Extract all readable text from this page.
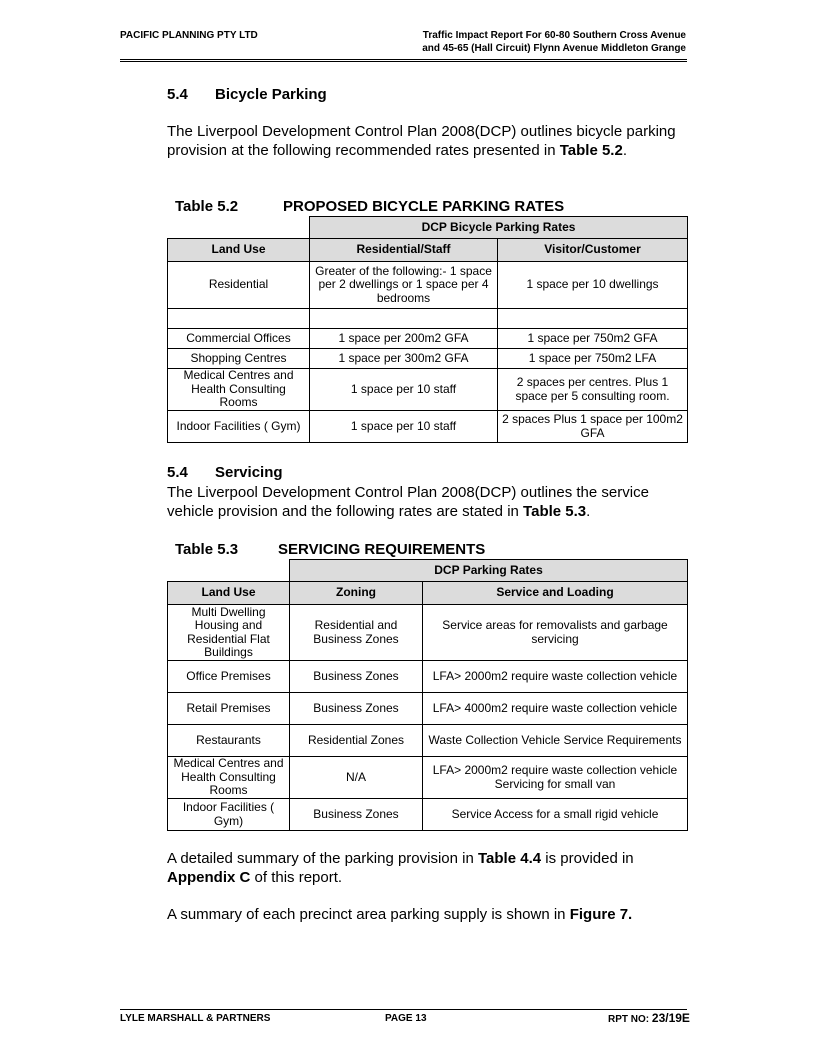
PACIFIC PLANNING PTY LTD	Traffic Impact Report For 60-80 Southern Cross Avenue
and 45-65 (Hall Circuit) Flynn Avenue Middleton Grange
5.4 Bicycle Parking
The Liverpool Development Control Plan 2008(DCP) outlines bicycle parking provision at the following recommended rates presented in Table 5.2.
Table 5.2	PROPOSED BICYCLE PARKING RATES
	DCP Bicycle Parking Rates	
Land Use	Residential/Staff	Visitor/Customer
Residential	Greater of the following:- 1 space per 2 dwellings or 1 space per 4 bedrooms	1 space per 10 dwellings

Commercial Offices	1 space per 200m2 GFA	1 space per 750m2 GFA
Shopping Centres	1 space per 300m2 GFA	1 space per 750m2 LFA
Medical Centres and Health Consulting Rooms	1 space per 10 staff	2 spaces per centres. Plus 1 space per 5 consulting room.
Indoor Facilities ( Gym)	1 space per 10 staff	2 spaces Plus 1 space per 100m2 GFA
5.4 Servicing
The Liverpool Development Control Plan 2008(DCP) outlines the service vehicle provision and the following rates are stated in Table 5.3.
Table 5.3	SERVICING REQUIREMENTS
	DCP Parking Rates	
Land Use	Zoning	Service and Loading
Multi Dwelling Housing and Residential Flat Buildings	Residential and Business Zones	Service areas for removalists and garbage servicing
Office Premises	Business Zones	LFA> 2000m2 require waste collection vehicle
Retail Premises	Business Zones	LFA> 4000m2 require waste collection vehicle
Restaurants	Residential Zones	Waste Collection Vehicle Service Requirements
Medical Centres and Health Consulting Rooms	N/A	LFA> 2000m2 require waste collection vehicle Servicing for small van
Indoor Facilities ( Gym)	Business Zones	Service Access for a small rigid vehicle
A detailed summary of the parking provision in Table 4.4 is provided in Appendix C of this report.
A summary of each precinct area parking supply is shown in Figure 7.
LYLE MARSHALL & PARTNERS	PAGE 13	RPT NO: 23/19E
